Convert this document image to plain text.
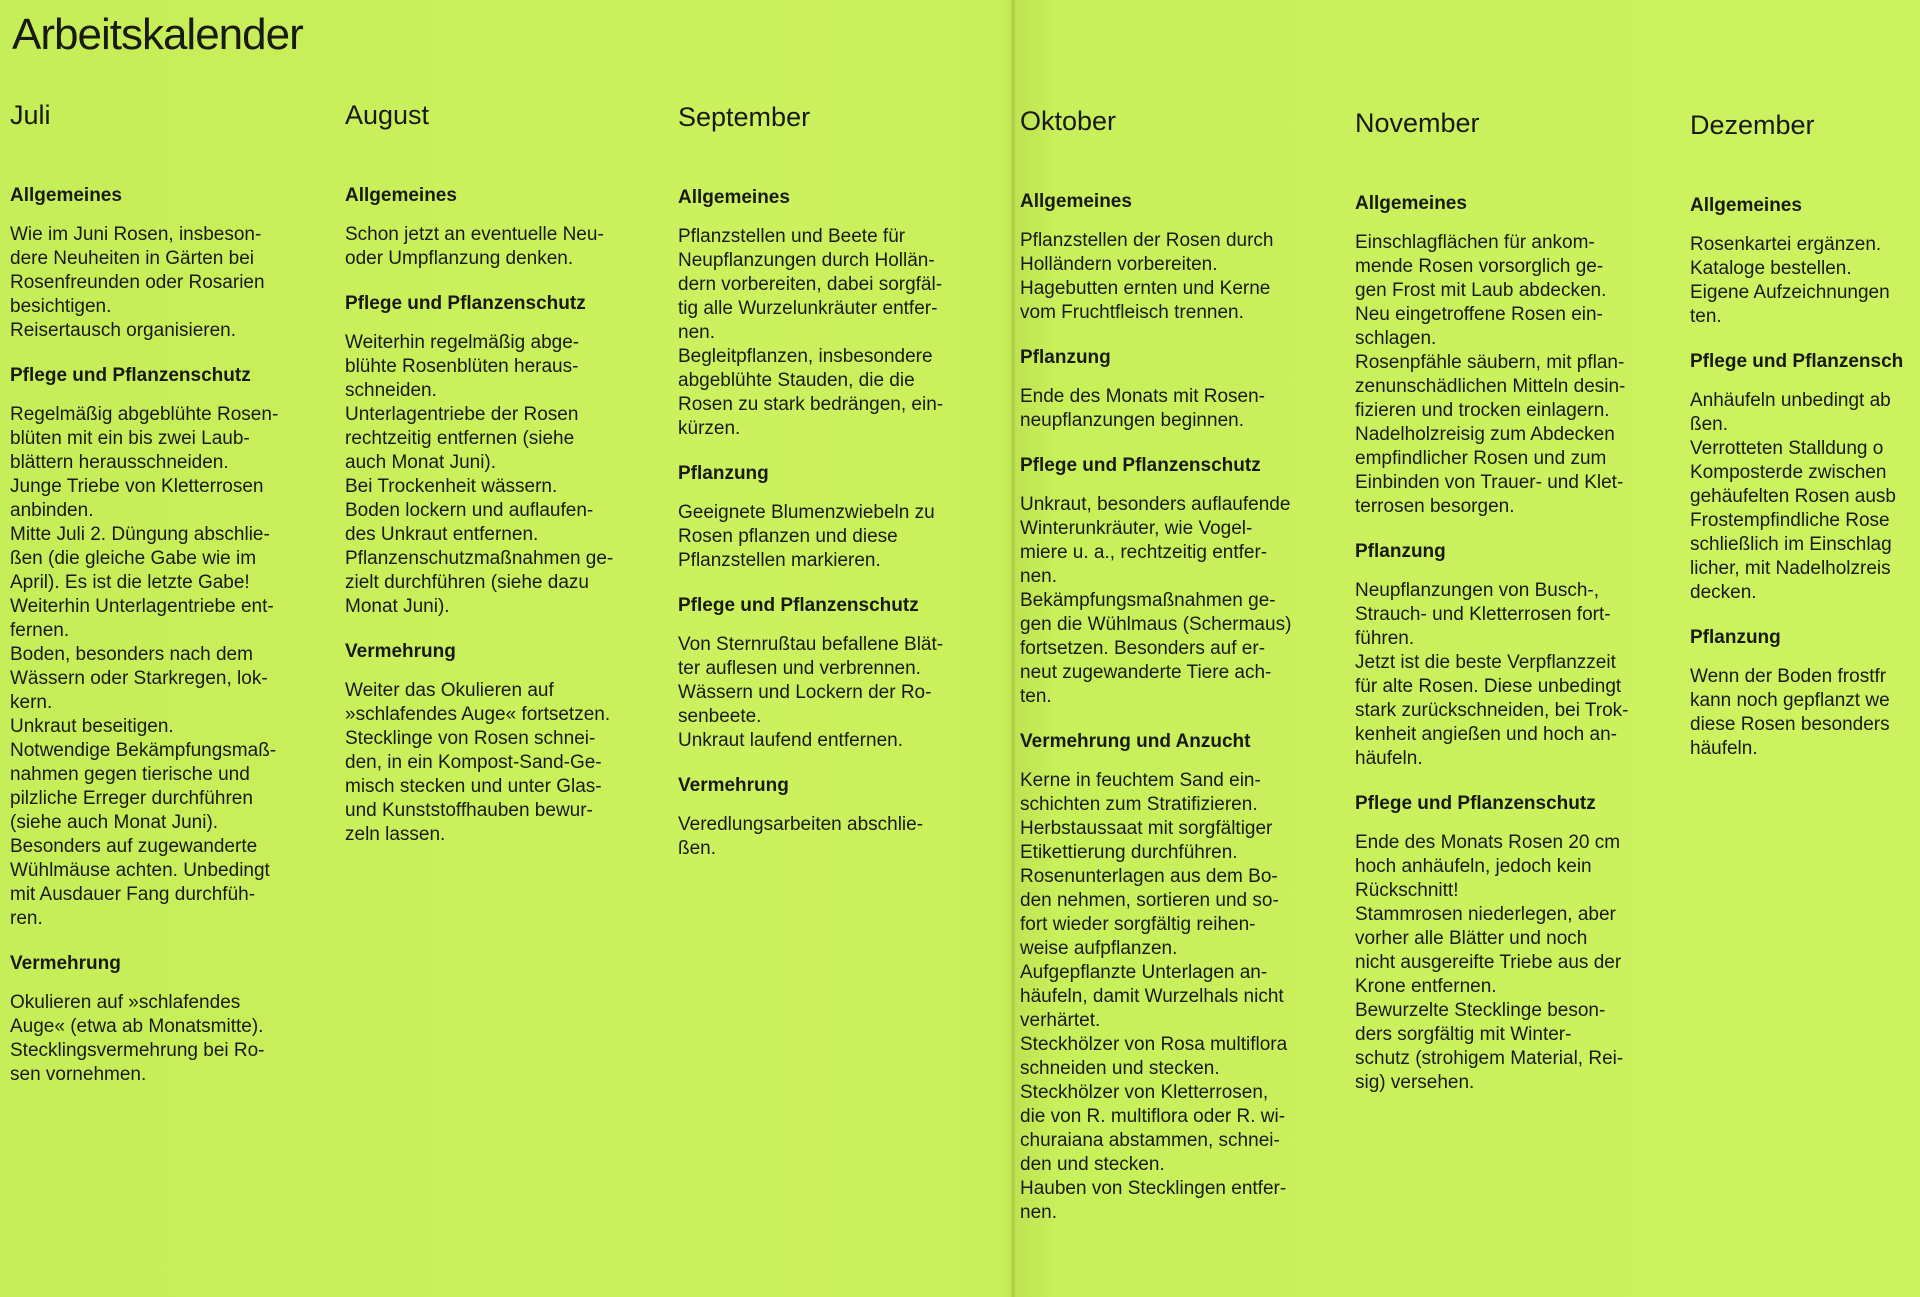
Arbeitskalender
Juli
Allgemeines
Wie im Juni Rosen, insbeson-
dere Neuheiten in Gärten bei
Rosenfreunden oder Rosarien
besichtigen.
Reisertausch organisieren.
Pflege und Pflanzenschutz
Regelmäßig abgeblühte Rosen-
blüten mit ein bis zwei Laub-
blättern herausschneiden.
Junge Triebe von Kletterrosen
anbinden.
Mitte Juli 2. Düngung abschlie-
ßen (die gleiche Gabe wie im
April). Es ist die letzte Gabe!
Weiterhin Unterlagentriebe ent-
fernen.
Boden, besonders nach dem
Wässern oder Starkregen, lok-
kern.
Unkraut beseitigen.
Notwendige Bekämpfungsmaß-
nahmen gegen tierische und
pilzliche Erreger durchführen
(siehe auch Monat Juni).
Besonders auf zugewanderte
Wühlmäuse achten. Unbedingt
mit Ausdauer Fang durchfüh-
ren.
Vermehrung
Okulieren auf »schlafendes
Auge« (etwa ab Monatsmitte).
Stecklingsvermehrung bei Ro-
sen vornehmen.
August
Allgemeines
Schon jetzt an eventuelle Neu-
oder Umpflanzung denken.
Pflege und Pflanzenschutz
Weiterhin regelmäßig abge-
blühte Rosenblüten heraus-
schneiden.
Unterlagentriebe der Rosen
rechtzeitig entfernen (siehe
auch Monat Juni).
Bei Trockenheit wässern.
Boden lockern und auflaufen-
des Unkraut entfernen.
Pflanzenschutzmaßnahmen ge-
zielt durchführen (siehe dazu
Monat Juni).
Vermehrung
Weiter das Okulieren auf
»schlafendes Auge« fortsetzen.
Stecklinge von Rosen schnei-
den, in ein Kompost-Sand-Ge-
misch stecken und unter Glas-
und Kunststoffhauben bewur-
zeln lassen.
September
Allgemeines
Pflanzstellen und Beete für
Neupflanzungen durch Hollän-
dern vorbereiten, dabei sorgfäl-
tig alle Wurzelunkräuter entfer-
nen.
Begleitpflanzen, insbesondere
abgeblühte Stauden, die die
Rosen zu stark bedrängen, ein-
kürzen.
Pflanzung
Geeignete Blumenzwiebeln zu
Rosen pflanzen und diese
Pflanzstellen markieren.
Pflege und Pflanzenschutz
Von Sternrußtau befallene Blät-
ter auflesen und verbrennen.
Wässern und Lockern der Ro-
senbeete.
Unkraut laufend entfernen.
Vermehrung
Veredlungsarbeiten abschlie-
ßen.
Oktober
Allgemeines
Pflanzstellen der Rosen durch
Holländern vorbereiten.
Hagebutten ernten und Kerne
vom Fruchtfleisch trennen.
Pflanzung
Ende des Monats mit Rosen-
neupflanzungen beginnen.
Pflege und Pflanzenschutz
Unkraut, besonders auflaufende
Winterunkräuter, wie Vogel-
miere u. a., rechtzeitig entfer-
nen.
Bekämpfungsmaßnahmen ge-
gen die Wühlmaus (Schermaus)
fortsetzen. Besonders auf er-
neut zugewanderte Tiere ach-
ten.
Vermehrung und Anzucht
Kerne in feuchtem Sand ein-
schichten zum Stratifizieren.
Herbstaussaat mit sorgfältiger
Etikettierung durchführen.
Rosenunterlagen aus dem Bo-
den nehmen, sortieren und so-
fort wieder sorgfältig reihen-
weise aufpflanzen.
Aufgepflanzte Unterlagen an-
häufeln, damit Wurzelhals nicht
verhärtet.
Steckhölzer von Rosa multiflora
schneiden und stecken.
Steckhölzer von Kletterrosen,
die von R. multiflora oder R. wi-
churaiana abstammen, schnei-
den und stecken.
Hauben von Stecklingen entfer-
nen.
November
Allgemeines
Einschlagflächen für ankom-
mende Rosen vorsorglich ge-
gen Frost mit Laub abdecken.
Neu eingetroffene Rosen ein-
schlagen.
Rosenpfähle säubern, mit pflan-
zenunschädlichen Mitteln desin-
fizieren und trocken einlagern.
Nadelholzreisig zum Abdecken
empfindlicher Rosen und zum
Einbinden von Trauer- und Klet-
terrosen besorgen.
Pflanzung
Neupflanzungen von Busch-,
Strauch- und Kletterrosen fort-
führen.
Jetzt ist die beste Verpflanzzeit
für alte Rosen. Diese unbedingt
stark zurückschneiden, bei Trok-
kenheit angießen und hoch an-
häufeln.
Pflege und Pflanzenschutz
Ende des Monats Rosen 20 cm
hoch anhäufeln, jedoch kein
Rückschnitt!
Stammrosen niederlegen, aber
vorher alle Blätter und noch
nicht ausgereifte Triebe aus der
Krone entfernen.
Bewurzelte Stecklinge beson-
ders sorgfältig mit Winter-
schutz (strohigem Material, Rei-
sig) versehen.
Dezember
Allgemeines
Rosenkartei ergänzen.
Kataloge bestellen.
Eigene Aufzeichnungen
ten.
Pflege und Pflanzensch
Anhäufeln unbedingt ab
ßen.
Verrotteten Stalldung o
Komposterde zwischen
gehäufelten Rosen ausb
Frostempfindliche Rose
schließlich im Einschlag
licher, mit Nadelholzreis
decken.
Pflanzung
Wenn der Boden frostfr
kann noch gepflanzt we
diese Rosen besonders
häufeln.
